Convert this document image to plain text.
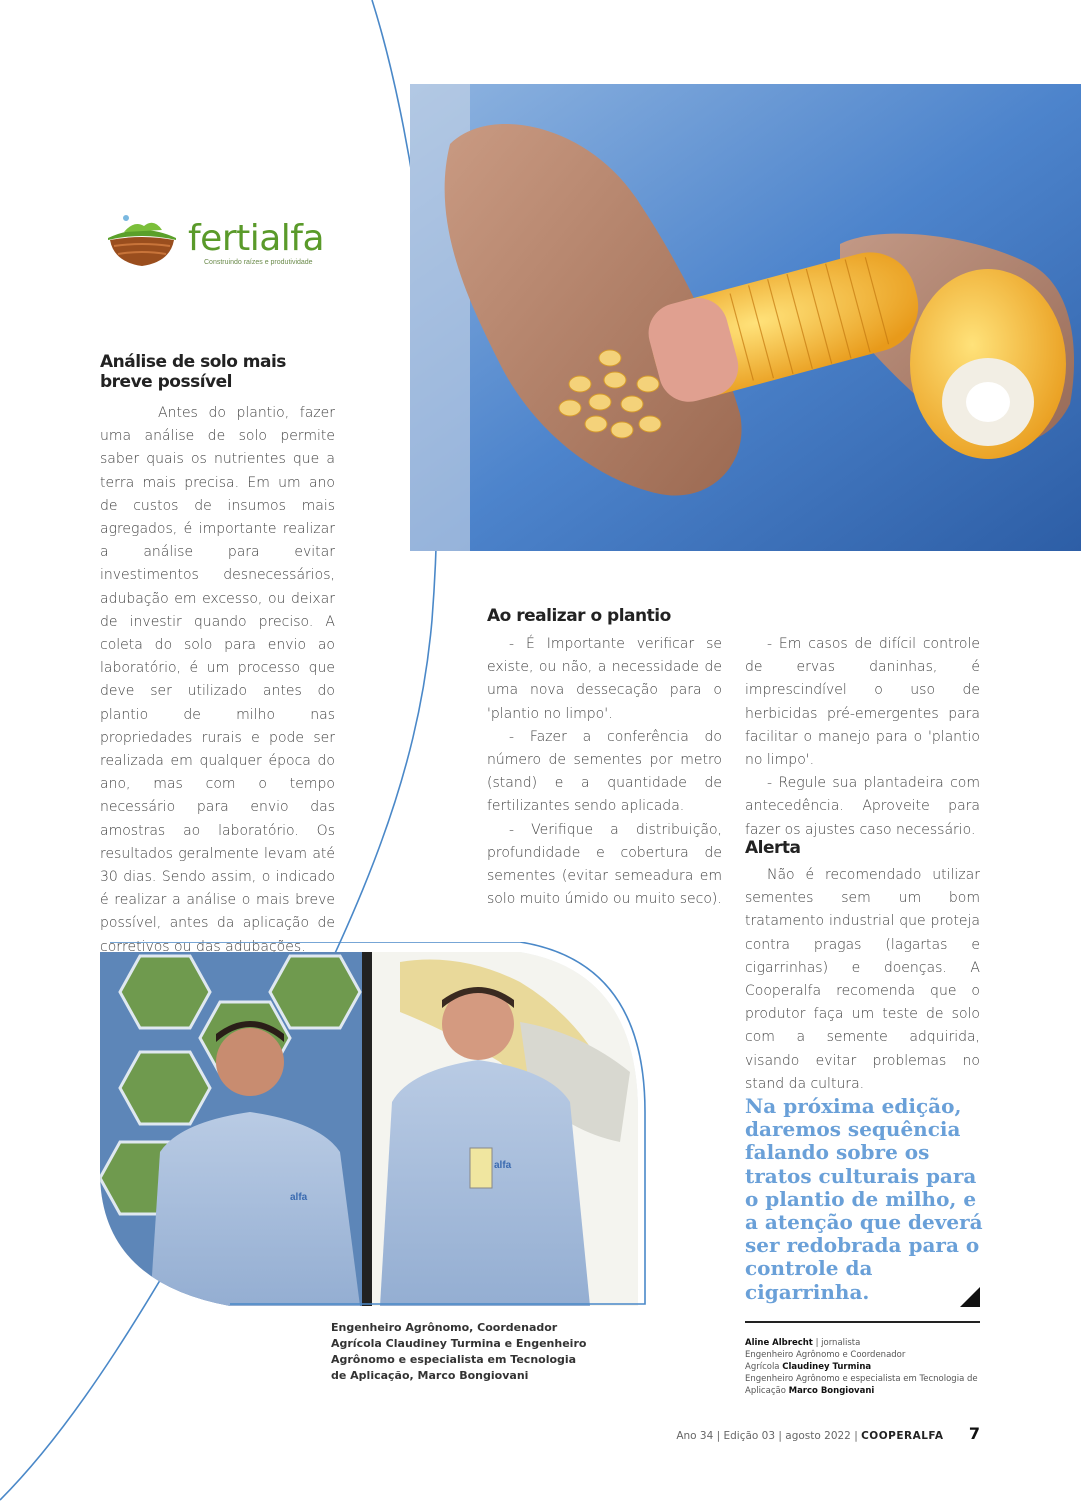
fertialfa
Construindo raízes e produtividade
Análise de solo mais breve possível

Antes do plantio, fazer uma análise de solo permite saber quais os nutrientes que a terra mais precisa. Em um ano de custos de insumos mais agregados, é importante realizar a análise para evitar investimentos desnecessários, adubação em excesso, ou deixar de investir quando preciso. A coleta do solo para envio ao laboratório, é um processo que deve ser utilizado antes do plantio de milho nas propriedades rurais e pode ser realizada em qualquer época do ano, mas com o tempo necessário para envio das amostras ao laboratório. Os resultados geralmente levam até 30 dias. Sendo assim, o indicado é realizar a análise o mais breve possível, antes da aplicação de corretivos ou das adubações.

Ao realizar o plantio

- É Importante verificar se existe, ou não, a necessidade de uma nova dessecação para o 'plantio no limpo'.

- Fazer a conferência do número de sementes por metro (stand) e a quantidade de fertilizantes sendo aplicada.

- Verifique a distribuição, profundidade e cobertura de sementes (evitar semeadura em solo muito úmido ou muito seco).

- Em casos de difícil controle de ervas daninhas, é imprescindível o uso de herbicidas pré-emergentes para facilitar o manejo para o 'plantio no limpo'.

- Regule sua plantadeira com antecedência. Aproveite para fazer os ajustes caso necessário.

Alerta

Não é recomendado utilizar sementes sem um bom tratamento industrial que proteja contra pragas (lagartas e cigarrinhas) e doenças. A Cooperalfa recomenda que o produtor faça um teste de solo com a semente adquirida, visando evitar problemas no stand da cultura.

Na próxima edição, daremos sequência falando sobre os tratos culturais para o plantio de milho, e a atenção que deverá ser redobrada para o controle da cigarrinha.
Aline Albrecht | jornalista
Engenheiro Agrônomo e Coordenador
Agrícola Claudiney Turmina
Engenheiro Agrônomo e especialista em Tecnologia de
Aplicação Marco Bongiovani
alfa
alfa
Engenheiro Agrônomo, Coordenador Agrícola Claudiney Turmina e Engenheiro Agrônomo e especialista em Tecnologia de Aplicação, Marco Bongiovani
Ano 34 | Edição 03 | agosto 2022 | COOPERALFA 7
